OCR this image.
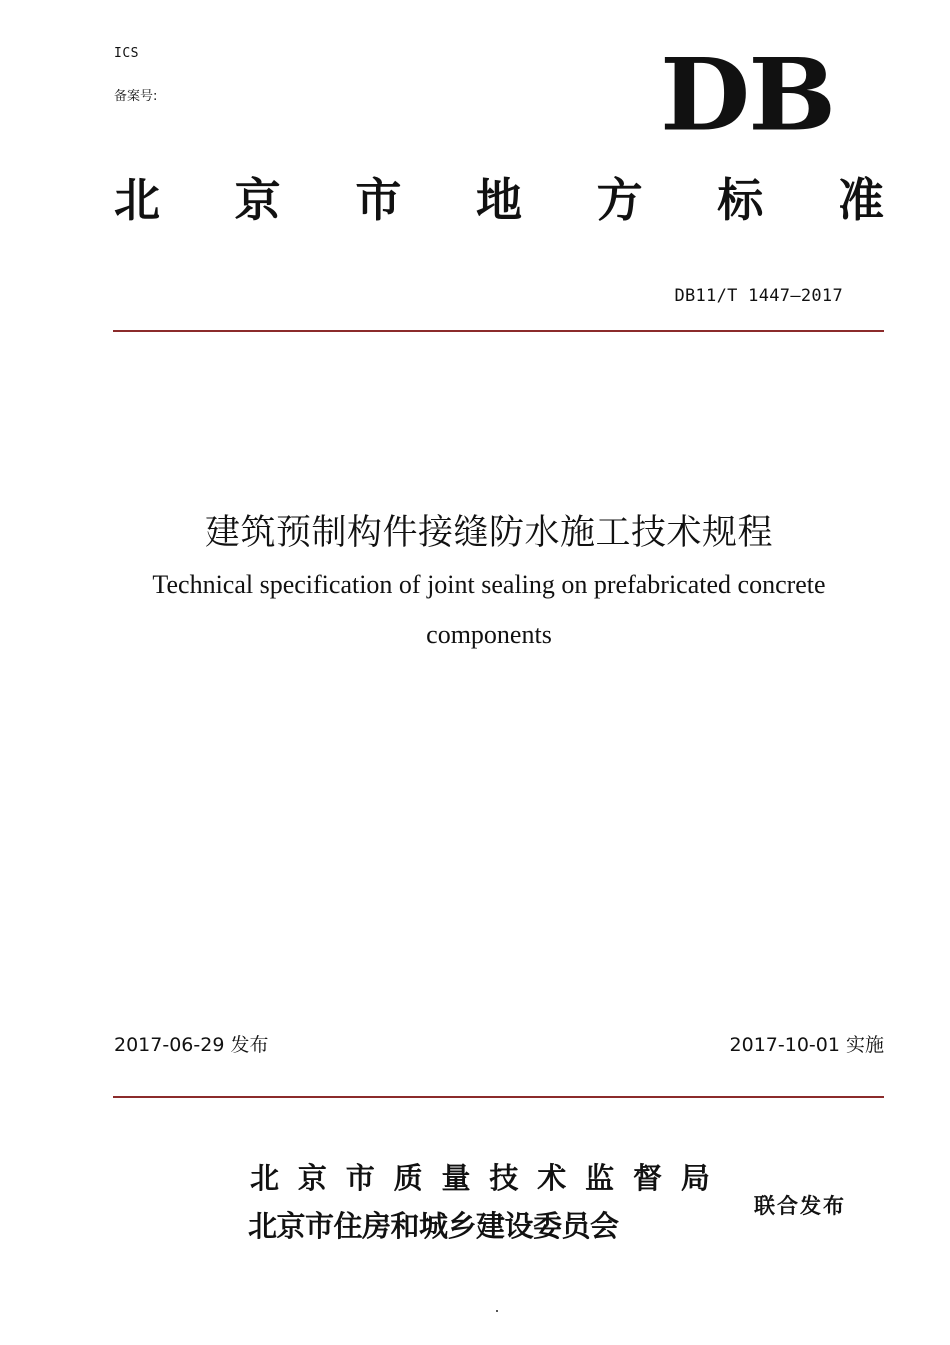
ICS
备案号:	DB
北 京 市 地 方 标 准
DB11/T 1447—2017
建筑预制构件接缝防水施工技术规程
Technical specification of joint sealing on prefabricated concrete components
2017-06-29 发布	2017-10-01 实施
北 京 市 质 量 技 术 监 督 局
北京市住房和城乡建设委员会
联合发布
